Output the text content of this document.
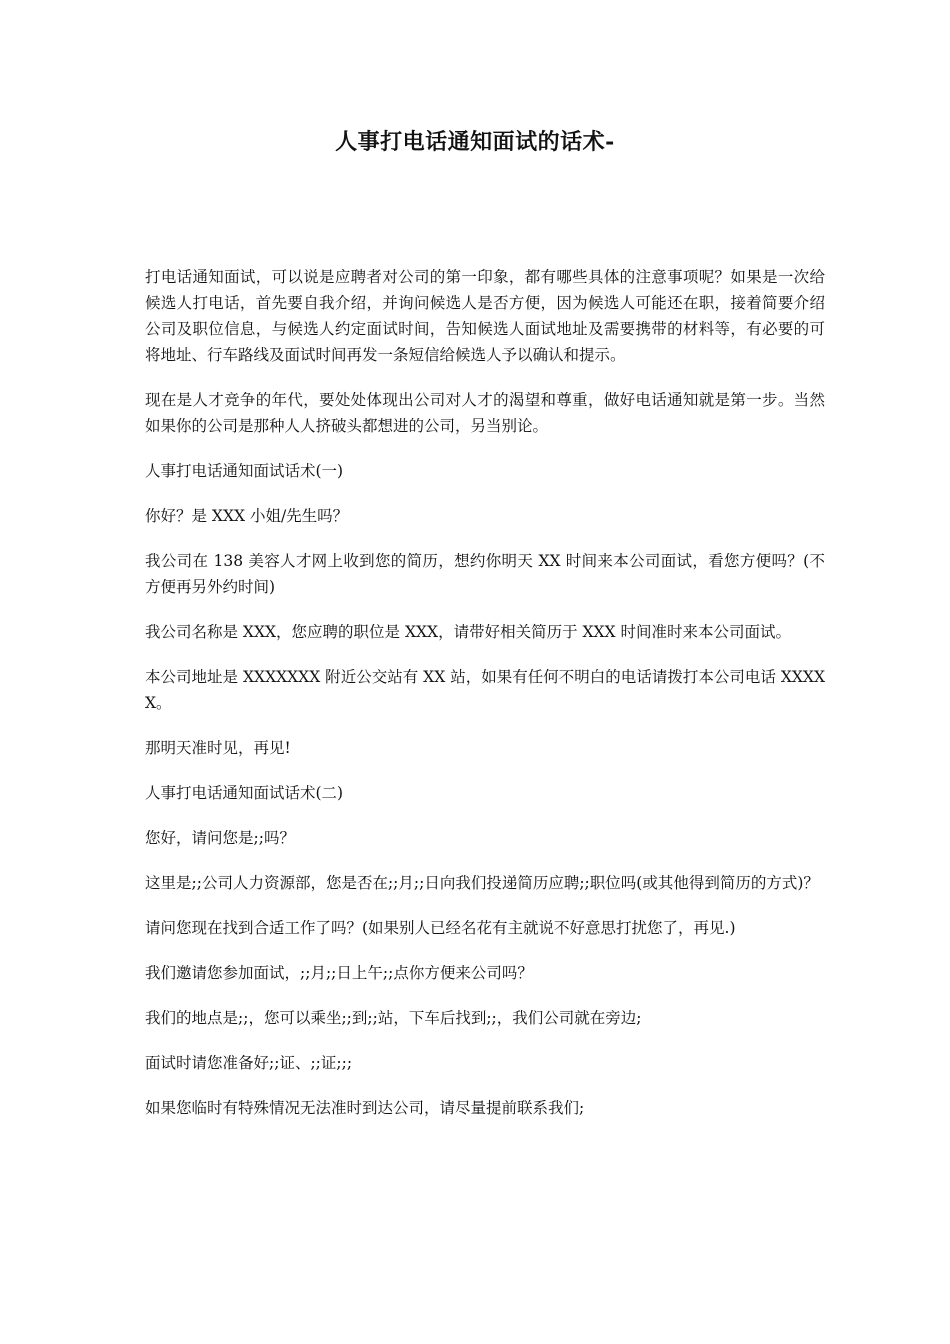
人事打电话通知面试的话术-

打电话通知面试，可以说是应聘者对公司的第一印象，都有哪些具体的注意事项呢？如果是一次给候选人打电话，首先要自我介绍，并询问候选人是否方便，因为候选人可能还在职，接着简要介绍公司及职位信息，与候选人约定面试时间，告知候选人面试地址及需要携带的材料等，有必要的可将地址、行车路线及面试时间再发一条短信给候选人予以确认和提示。

现在是人才竞争的年代，要处处体现出公司对人才的渴望和尊重，做好电话通知就是第一步。当然如果你的公司是那种人人挤破头都想进的公司，另当别论。

人事打电话通知面试话术(一)

你好？是 XXX 小姐/先生吗？

我公司在 138 美容人才网上收到您的简历，想约你明天 XX 时间来本公司面试，看您方便吗？(不方便再另外约时间)

我公司名称是 XXX，您应聘的职位是 XXX，请带好相关简历于 XXX 时间准时来本公司面试。

本公司地址是 XXXXXXX 附近公交站有 XX 站，如果有任何不明白的电话请拨打本公司电话 XXXXX。

那明天准时见，再见!

人事打电话通知面试话术(二)

您好，请问您是;;吗？

这里是;;公司人力资源部，您是否在;;月;;日向我们投递简历应聘;;职位吗(或其他得到简历的方式)？

请问您现在找到合适工作了吗？(如果别人已经名花有主就说不好意思打扰您了，再见.)

我们邀请您参加面试，;;月;;日上午;;点你方便来公司吗？

我们的地点是;;，您可以乘坐;;到;;站，下车后找到;;，我们公司就在旁边;

面试时请您准备好;;证、;;证;;;

如果您临时有特殊情况无法准时到达公司，请尽量提前联系我们;
